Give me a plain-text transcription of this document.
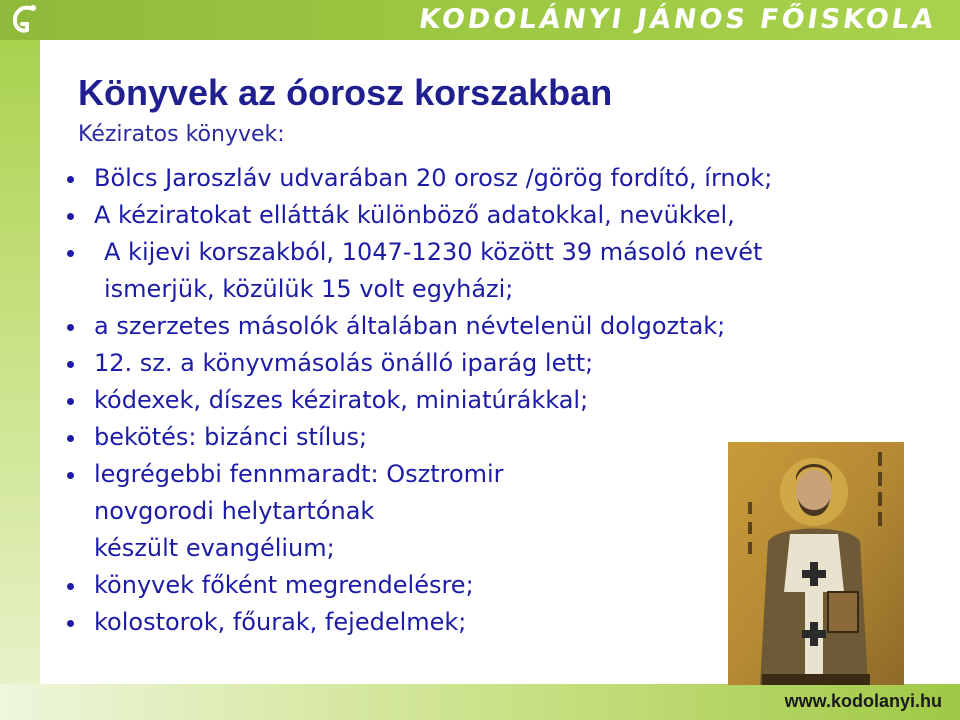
KODOLÁNYI JÁNOS FŐISKOLA
www.kodolanyi.hu
Könyvek az óorosz korszakban
Kéziratos könyvek:
Bölcs Jaroszláv udvarában 20 orosz /görög fordító, írnok;
A kéziratokat ellátták különböző adatokkal, nevükkel,
A kijevi korszakból, 1047-1230 között 39 másoló nevét
ismerjük, közülük 15 volt egyházi;
a szerzetes másolók általában névtelenül dolgoztak;
12. sz. a könyvmásolás önálló iparág lett;
kódexek, díszes kéziratok, miniatúrákkal;
bekötés: bizánci stílus;
legrégebbi fennmaradt: Osztromir
novgorodi helytartónak
készült evangélium;
könyvek főként megrendelésre;
kolostorok, főurak, fejedelmek;
